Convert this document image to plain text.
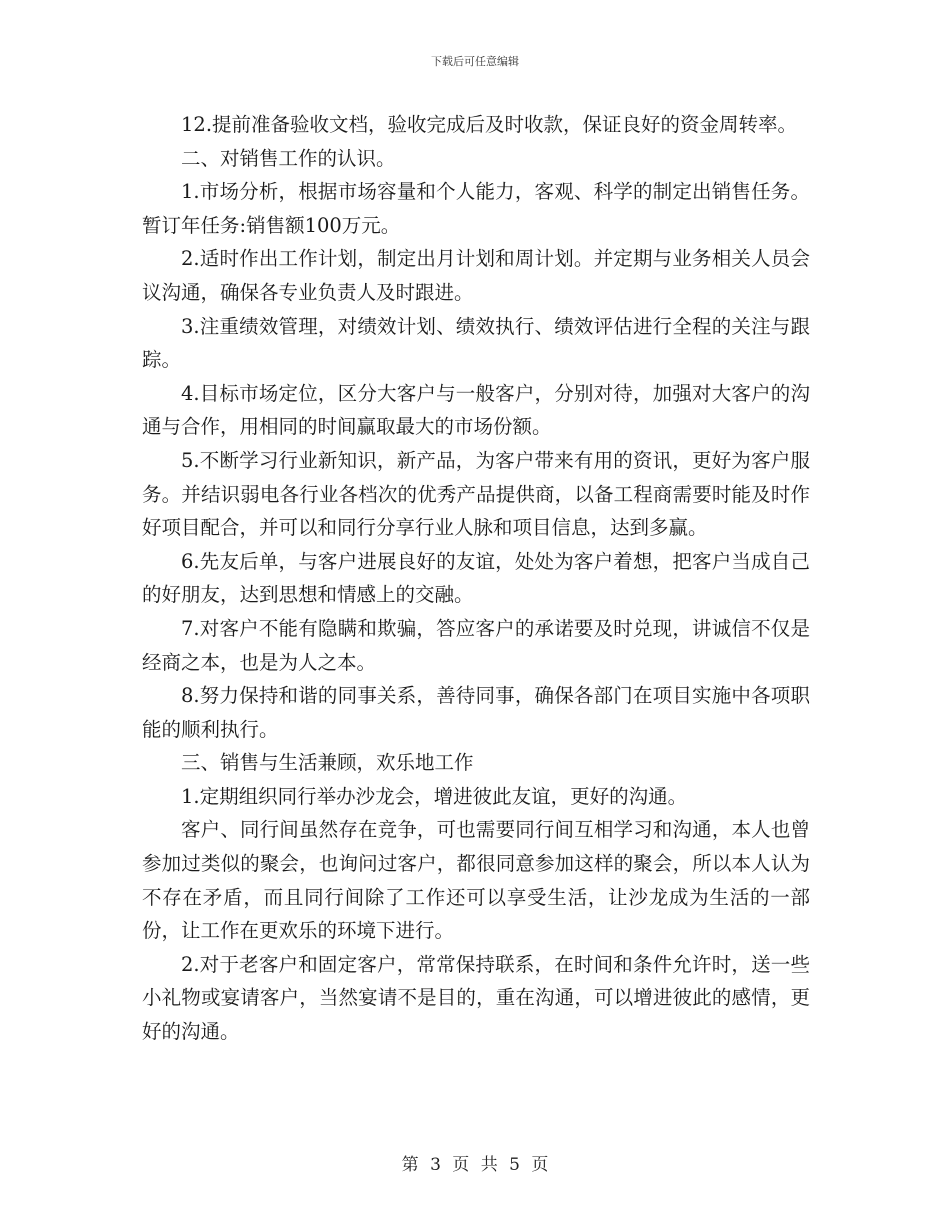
下载后可任意编辑

12.提前准备验收文档，验收完成后及时收款，保证良好的资金周转率。

二、对销售工作的认识。

1.市场分析，根据市场容量和个人能力，客观、科学的制定出销售任务。暂订年任务:销售额100万元。

2.适时作出工作计划，制定出月计划和周计划。并定期与业务相关人员会议沟通，确保各专业负责人及时跟进。

3.注重绩效管理，对绩效计划、绩效执行、绩效评估进行全程的关注与跟踪。

4.目标市场定位，区分大客户与一般客户，分别对待，加强对大客户的沟通与合作，用相同的时间赢取最大的市场份额。

5.不断学习行业新知识，新产品，为客户带来有用的资讯，更好为客户服务。并结识弱电各行业各档次的优秀产品提供商，以备工程商需要时能及时作好项目配合，并可以和同行分享行业人脉和项目信息，达到多赢。

6.先友后单，与客户进展良好的友谊，处处为客户着想，把客户当成自己的好朋友，达到思想和情感上的交融。

7.对客户不能有隐瞒和欺骗，答应客户的承诺要及时兑现，讲诚信不仅是经商之本，也是为人之本。

8.努力保持和谐的同事关系，善待同事，确保各部门在项目实施中各项职能的顺利执行。

三、销售与生活兼顾，欢乐地工作

1.定期组织同行举办沙龙会，增进彼此友谊，更好的沟通。

客户、同行间虽然存在竞争，可也需要同行间互相学习和沟通，本人也曾参加过类似的聚会，也询问过客户，都很同意参加这样的聚会，所以本人认为不存在矛盾，而且同行间除了工作还可以享受生活，让沙龙成为生活的一部份，让工作在更欢乐的环境下进行。

2.对于老客户和固定客户，常常保持联系，在时间和条件允许时，送一些小礼物或宴请客户，当然宴请不是目的，重在沟通，可以增进彼此的感情，更好的沟通。

第 3 页 共 5 页
